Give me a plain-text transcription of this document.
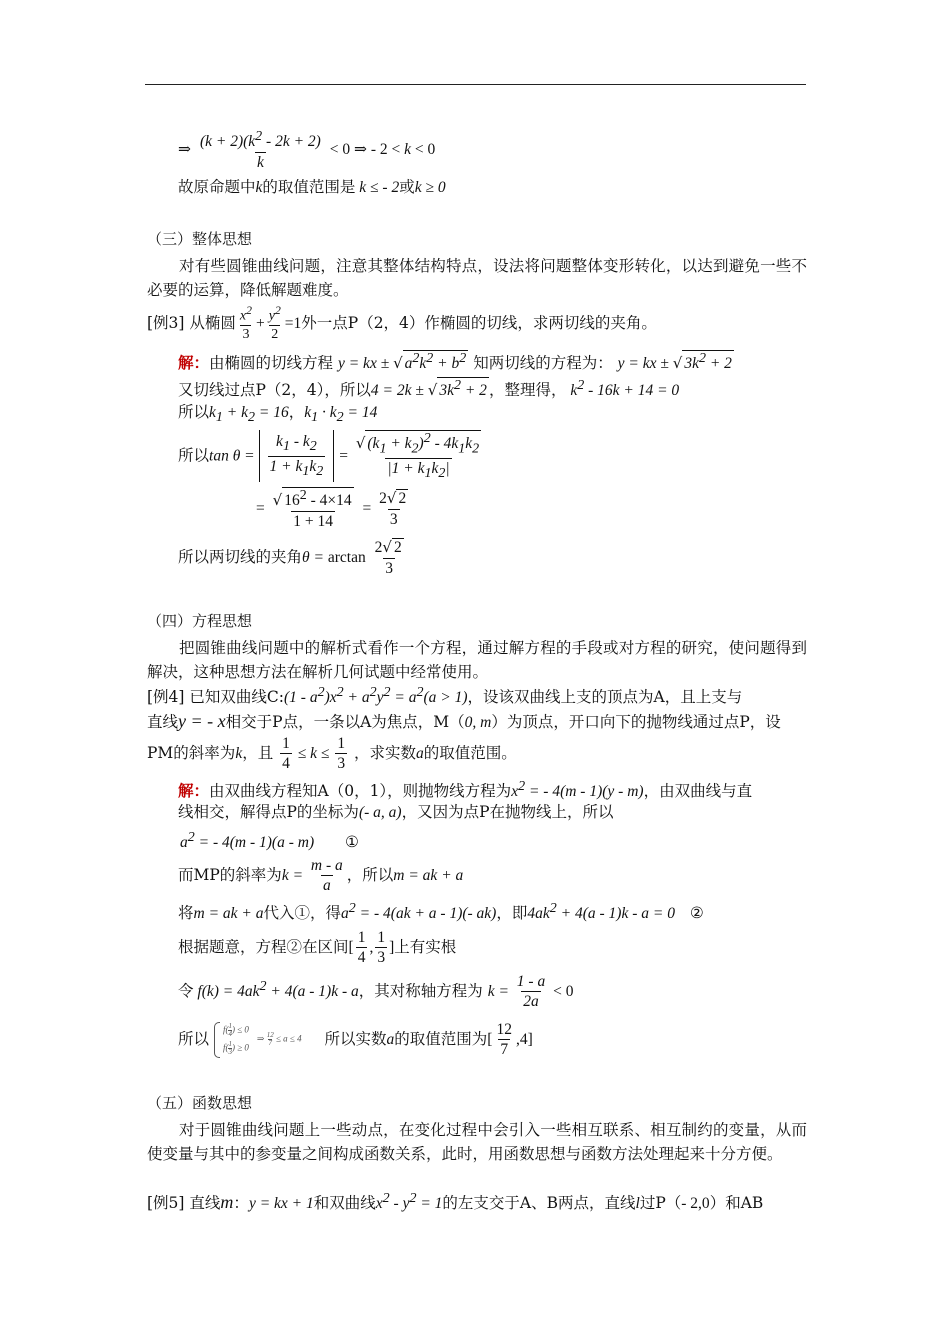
⇒ $\frac{(k + 2)(k^2 - 2k + 2)}{k} < 0$ ⇒ - 2 < k < 0
故原命题中k的取值范围是 k ≤ - 2或k ≥ 0
（三）整体思想
对有些圆锥曲线问题，注意其整体结构特点，设法将问题整体变形转化，以达到避免一些不必要的运算，降低解题难度。
[例3] 从椭圆 $\frac{x^2}{3} + \frac{y^2}{2} =1$外一点P（2，4）作椭圆的切线，求两切线的夹角。
解：由椭圆的切线方程 y = kx ± √ $a^2k^2 + b^2$ 知两切线的方程为： y = kx ± √ $3k^2 + 2$
又切线过点P（2，4），所以4 = 2k ± √ $3k^2 + 2$ ，整理得， $k^2 - 16k + 14 = 0$
所以$k_1 + k_2 = 16$，$k_1 \cdot k_2 = 14$
所以$\tan \theta = \frac{k_1 - k_2}{1 + k_1k_2} = \frac{√ (k_1 + k_2)^2 - 4k_1k_2}{|1 + k_1k_2|}$
= $\frac{√ 16^2 - 4\times 14}{1 + 14} = \frac{2√ 2}{3}$
所以两切线的夹角$\theta = \arctan \frac{2√ 2}{3}$
（四）方程思想
把圆锥曲线问题中的解析式看作一个方程，通过解方程的手段或对方程的研究，使问题得到解决，这种思想方法在解析几何试题中经常使用。
[例4] 已知双曲线C:(1 - $a^2)x^2 + a^2y^2 = a^2(a > 1)$，设该双曲线上支的顶点为A，且上支与
直线y = - x相交于P点，一条以A为焦点，M（0, m）为顶点，开口向下的抛物线通过点P，设
PM的斜率为k，且 $\frac{1}{4} \le k \le \frac{1}{3}$ ，求实数a的取值范围。
解：由双曲线方程知A（0，1），则抛物线方程为$x^2$ = - 4(m - 1)(y - m)，由双曲线与直
线相交，解得点P的坐标为(- a, a)，又因为点P在抛物线上，所以
$a^2$ = - 4(m - 1)(a - m) ①
而MP的斜率为$k = \frac{m - a}{a}$ ，所以m = ak + a
将m = ak + a代入①，得$a^2$ = - 4(ak + a - 1)(- ak)，即$4ak^2 + 4(a - 1)k - a = 0$ ②
根据题意，方程②在区间[ $\frac{1}{4}$ , $\frac{1}{3}$ ]上有实根
令 $f(k) = 4ak^2 + 4(a - 1)k - a$，其对称轴方程为 $k = \frac{1 - a}{2a} < 0$
所以
$f( \frac{1}{4}$ ) ≤ 0
$f( \frac{1}{3}$ ) ≥ 0
⇒ $\frac{12}{7} \le a \le 4$ 所以实数a的取值范围为[ $\frac{12}{7} ,4$]
（五）函数思想
对于圆锥曲线问题上一些动点，在变化过程中会引入一些相互联系、相互制约的变量，从而使变量与其中的参变量之间构成函数关系，此时，用函数思想与函数方法处理起来十分方便。
[例5] 直线m：y = kx + 1和双曲线$x^2 - y^2 = 1$的左支交于A、B两点，直线l过P（- 2,0）和AB
